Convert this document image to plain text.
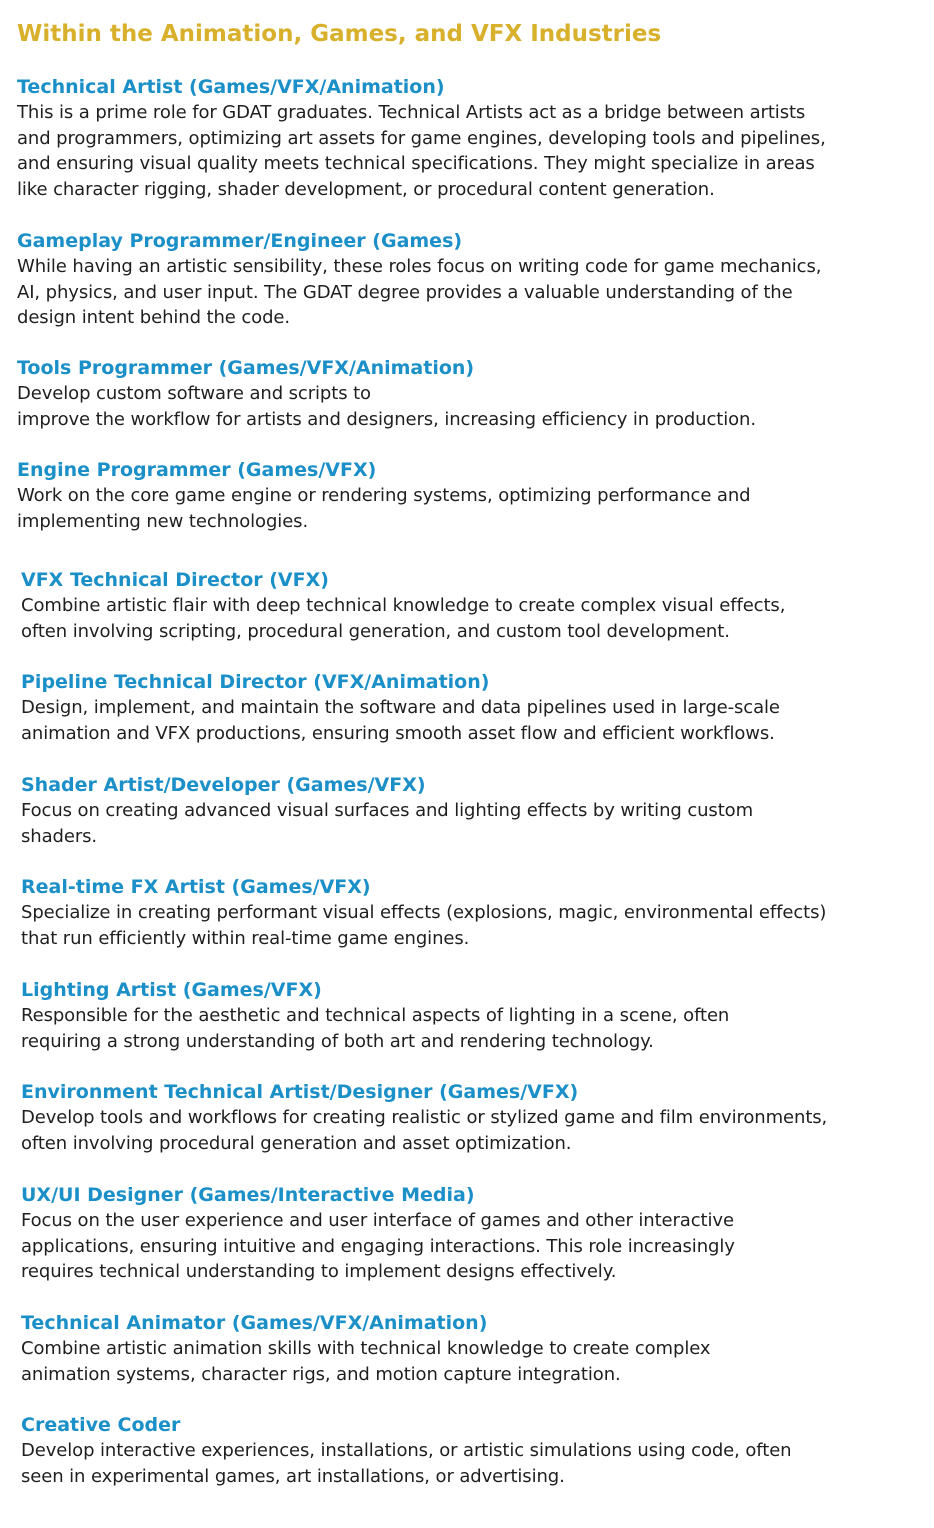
Within the Animation, Games, and VFX Industries
Technical Artist (Games/VFX/Animation)

This is a prime role for GDAT graduates. Technical Artists act as a bridge between artists
and programmers, optimizing art assets for game engines, developing tools and pipelines,
and ensuring visual quality meets technical specifications. They might specialize in areas
like character rigging, shader development, or procedural content generation.

Gameplay Programmer/Engineer (Games)

While having an artistic sensibility, these roles focus on writing code for game mechanics,
AI, physics, and user input. The GDAT degree provides a valuable understanding of the
design intent behind the code.

Tools Programmer (Games/VFX/Animation)

Develop custom software and scripts to
improve the workflow for artists and designers, increasing efficiency in production.

Engine Programmer (Games/VFX)

Work on the core game engine or rendering systems, optimizing performance and
implementing new technologies.

VFX Technical Director (VFX)

Combine artistic flair with deep technical knowledge to create complex visual effects,
often involving scripting, procedural generation, and custom tool development.

Pipeline Technical Director (VFX/Animation)

Design, implement, and maintain the software and data pipelines used in large-scale
animation and VFX productions, ensuring smooth asset flow and efficient workflows.

Shader Artist/Developer (Games/VFX)

Focus on creating advanced visual surfaces and lighting effects by writing custom
shaders.

Real-time FX Artist (Games/VFX)

Specialize in creating performant visual effects (explosions, magic, environmental effects)
that run efficiently within real-time game engines.

Lighting Artist (Games/VFX)

Responsible for the aesthetic and technical aspects of lighting in a scene, often
requiring a strong understanding of both art and rendering technology.

Environment Technical Artist/Designer (Games/VFX)

Develop tools and workflows for creating realistic or stylized game and film environments,
often involving procedural generation and asset optimization.

UX/UI Designer (Games/Interactive Media)

Focus on the user experience and user interface of games and other interactive
applications, ensuring intuitive and engaging interactions. This role increasingly
requires technical understanding to implement designs effectively.

Technical Animator (Games/VFX/Animation)

Combine artistic animation skills with technical knowledge to create complex
animation systems, character rigs, and motion capture integration.

Creative Coder

Develop interactive experiences, installations, or artistic simulations using code, often
seen in experimental games, art installations, or advertising.
